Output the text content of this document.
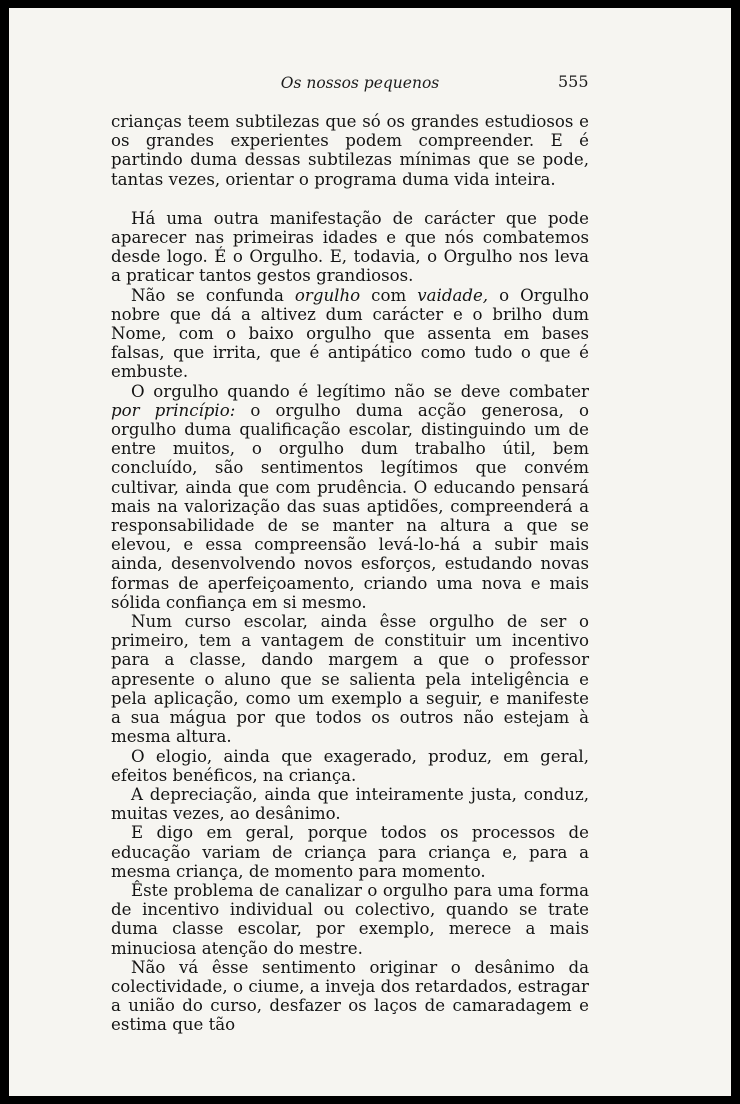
Os nossos pequenos	555

crianças teem subtilezas que só os grandes estudiosos e os grandes experientes podem compreender. E é partindo duma dessas subtilezas mínimas que se pode, tantas vezes, orientar o programa duma vida inteira.

Há uma outra manifestação de carácter que pode aparecer nas primeiras idades e que nós combatemos desde logo. É o Orgulho. E, todavia, o Orgulho nos leva a praticar tantos gestos grandiosos.

Não se confunda orgulho com vaidade, o Orgulho nobre que dá a altivez dum carácter e o brilho dum Nome, com o baixo orgulho que assenta em bases falsas, que irrita, que é antipático como tudo o que é embuste.

O orgulho quando é legítimo não se deve combater por princípio: o orgulho duma acção generosa, o orgulho duma qualificação escolar, distinguindo um de entre muitos, o orgulho dum trabalho útil, bem concluído, são sentimentos legítimos que convém cultivar, ainda que com prudência. O educando pensará mais na valorização das suas aptidões, compreenderá a responsabilidade de se manter na altura a que se elevou, e essa compreensão levá-lo-há a subir mais ainda, desenvolvendo novos esforços, estudando novas formas de aperfeiçoamento, criando uma nova e mais sólida confiança em si mesmo.

Num curso escolar, ainda êsse orgulho de ser o primeiro, tem a vantagem de constituir um incentivo para a classe, dando margem a que o professor apresente o aluno que se salienta pela inteligência e pela aplicação, como um exemplo a seguir, e manifeste a sua mágua por que todos os outros não estejam à mesma altura.

O elogio, ainda que exagerado, produz, em geral, efeitos benéficos, na criança.

A depreciação, ainda que inteiramente justa, conduz, muitas vezes, ao desânimo.

E digo em geral, porque todos os processos de educação variam de criança para criança e, para a mesma criança, de momento para momento.

Êste problema de canalizar o orgulho para uma forma de incentivo individual ou colectivo, quando se trate duma classe escolar, por exemplo, merece a mais minuciosa atenção do mestre.

Não vá êsse sentimento originar o desânimo da colectividade, o ciume, a inveja dos retardados, estragar a união do curso, desfazer os laços de camaradagem e estima que tão
